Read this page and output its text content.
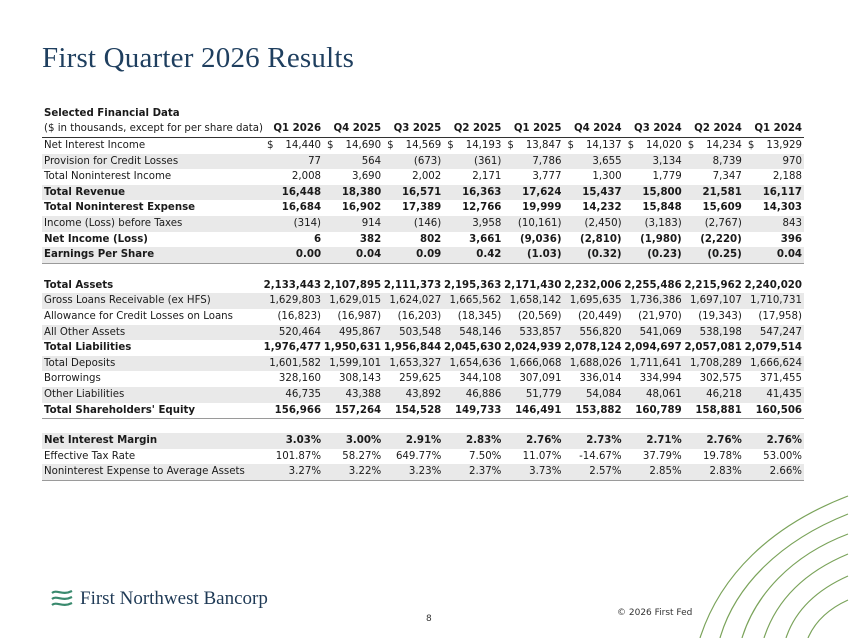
First Quarter 2026 Results
Selected Financial Data									
($ in thousands, except for per share data)	Q1 2026	Q4 2025	Q3 2025	Q2 2025	Q1 2025	Q4 2024	Q3 2024	Q2 2024	Q1 2024
Net Interest Income	$ 14,440	$ 14,690	$ 14,569	$ 14,193	$ 13,847	$ 14,137	$ 14,020	$ 14,234	$ 13,929
Provision for Credit Losses	77	564	(673)	(361)	7,786	3,655	3,134	8,739	970
Total Noninterest Income	2,008	3,690	2,002	2,171	3,777	1,300	1,779	7,347	2,188
Total Revenue	16,448	18,380	16,571	16,363	17,624	15,437	15,800	21,581	16,117
Total Noninterest Expense	16,684	16,902	17,389	12,766	19,999	14,232	15,848	15,609	14,303
Income (Loss) before Taxes	(314)	914	(146)	3,958	(10,161)	(2,450)	(3,183)	(2,767)	843
Net Income (Loss)	6	382	802	3,661	(9,036)	(2,810)	(1,980)	(2,220)	396
Earnings Per Share	0.00	0.04	0.09	0.42	(1.03)	(0.32)	(0.23)	(0.25)	0.04

Total Assets	2,133,443	2,107,895	2,111,373	2,195,363	2,171,430	2,232,006	2,255,486	2,215,962	2,240,020
Gross Loans Receivable (ex HFS)	1,629,803	1,629,015	1,624,027	1,665,562	1,658,142	1,695,635	1,736,386	1,697,107	1,710,731
Allowance for Credit Losses on Loans	(16,823)	(16,987)	(16,203)	(18,345)	(20,569)	(20,449)	(21,970)	(19,343)	(17,958)
All Other Assets	520,464	495,867	503,548	548,146	533,857	556,820	541,069	538,198	547,247
Total Liabilities	1,976,477	1,950,631	1,956,844	2,045,630	2,024,939	2,078,124	2,094,697	2,057,081	2,079,514
Total Deposits	1,601,582	1,599,101	1,653,327	1,654,636	1,666,068	1,688,026	1,711,641	1,708,289	1,666,624
Borrowings	328,160	308,143	259,625	344,108	307,091	336,014	334,994	302,575	371,455
Other Liabilities	46,735	43,388	43,892	46,886	51,779	54,084	48,061	46,218	41,435
Total Shareholders' Equity	156,966	157,264	154,528	149,733	146,491	153,882	160,789	158,881	160,506

Net Interest Margin	3.03%	3.00%	2.91%	2.83%	2.76%	2.73%	2.71%	2.76%	2.76%
Effective Tax Rate	101.87%	58.27%	649.77%	7.50%	11.07%	-14.67%	37.79%	19.78%	53.00%
Noninterest Expense to Average Assets	3.27%	3.22%	3.23%	2.37%	3.73%	2.57%	2.85%	2.83%	2.66%
First Northwest Bancorp
8
© 2026 First Fed
